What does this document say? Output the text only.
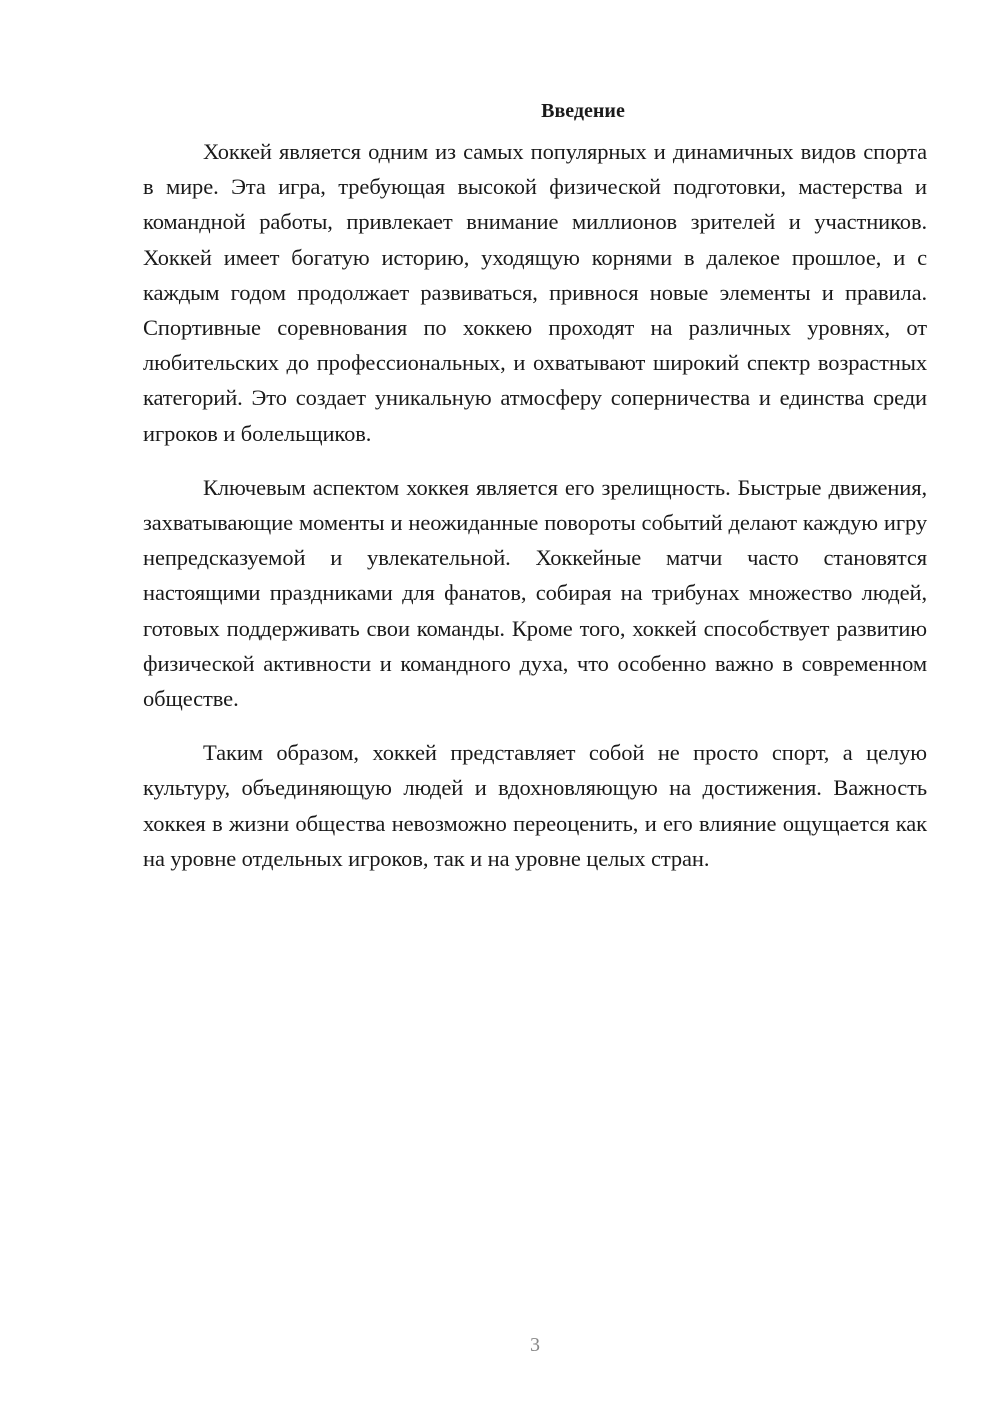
Введение

Хоккей является одним из самых популярных и динамичных видов спорта в мире. Эта игра, требующая высокой физической подготовки, мастерства и командной работы, привлекает внимание миллионов зрителей и участников. Хоккей имеет богатую историю, уходящую корнями в далекое прошлое, и с каждым годом продолжает развиваться, привнося новые элементы и правила. Спортивные соревнования по хоккею проходят на различных уровнях, от любительских до профессиональных, и охватывают широкий спектр возрастных категорий. Это создает уникальную атмосферу соперничества и единства среди игроков и болельщиков.

Ключевым аспектом хоккея является его зрелищность. Быстрые движения, захватывающие моменты и неожиданные повороты событий делают каждую игру непредсказуемой и увлекательной. Хоккейные матчи часто становятся настоящими праздниками для фанатов, собирая на трибунах множество людей, готовых поддерживать свои команды. Кроме того, хоккей способствует развитию физической активности и командного духа, что особенно важно в современном обществе.

Таким образом, хоккей представляет собой не просто спорт, а целую культуру, объединяющую людей и вдохновляющую на достижения. Важность хоккея в жизни общества невозможно переоценить, и его влияние ощущается как на уровне отдельных игроков, так и на уровне целых стран.

3
